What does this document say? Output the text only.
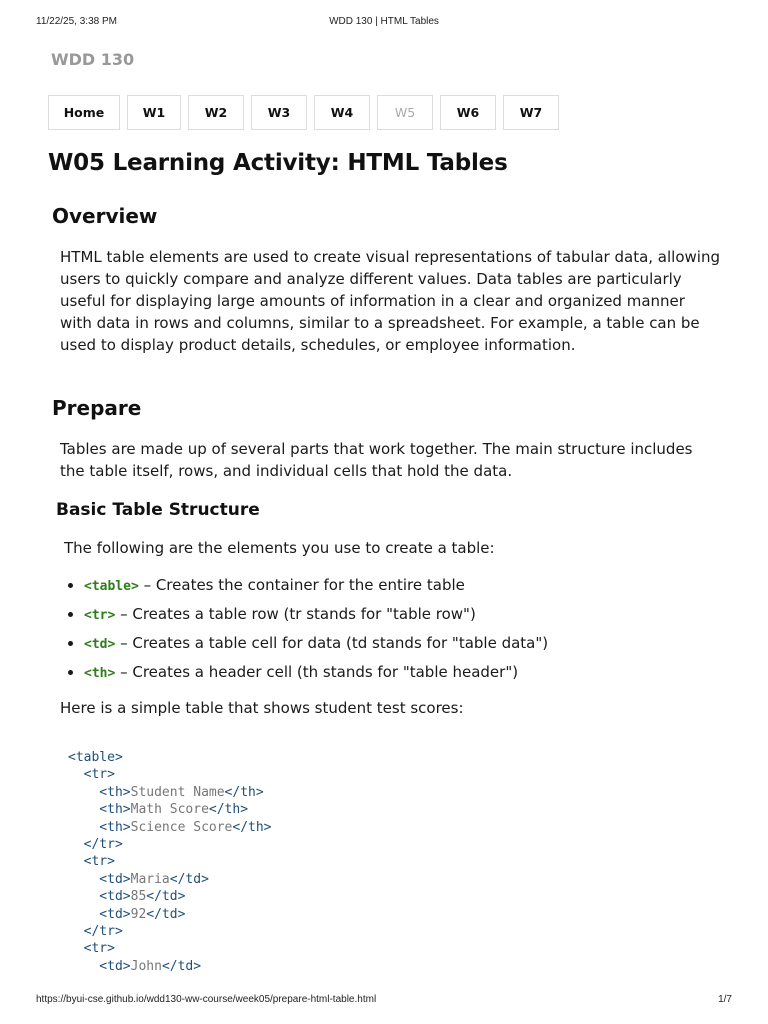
11/22/25, 3:38 PM	WDD 130 | HTML Tables
WDD 130
Home	W1	W2	W3	W4	W5	W6	W7
W05 Learning Activity: HTML Tables
Overview

HTML table elements are used to create visual representations of tabular data, allowing users to quickly compare and analyze different values. Data tables are particularly useful for displaying large amounts of information in a clear and organized manner with data in rows and columns, similar to a spreadsheet. For example, a table can be used to display product details, schedules, or employee information.

Prepare

Tables are made up of several parts that work together. The main structure includes the table itself, rows, and individual cells that hold the data.

Basic Table Structure

The following are the elements you use to create a table:

• <table> – Creates the container for the entire table
• <tr> – Creates a table row (tr stands for "table row")
• <td> – Creates a table cell for data (td stands for "table data")
• <th> – Creates a header cell (th stands for "table header")

Here is a simple table that shows student test scores:

<table>
<tr>
<th>Student Name</th>
<th>Math Score</th>
<th>Science Score</th>
</tr>
<tr>
<td>Maria</td>
<td>85</td>
<td>92</td>
</tr>
<tr>
<td>John</td>
https://byui-cse.github.io/wdd130-ww-course/week05/prepare-html-table.html	1/7
